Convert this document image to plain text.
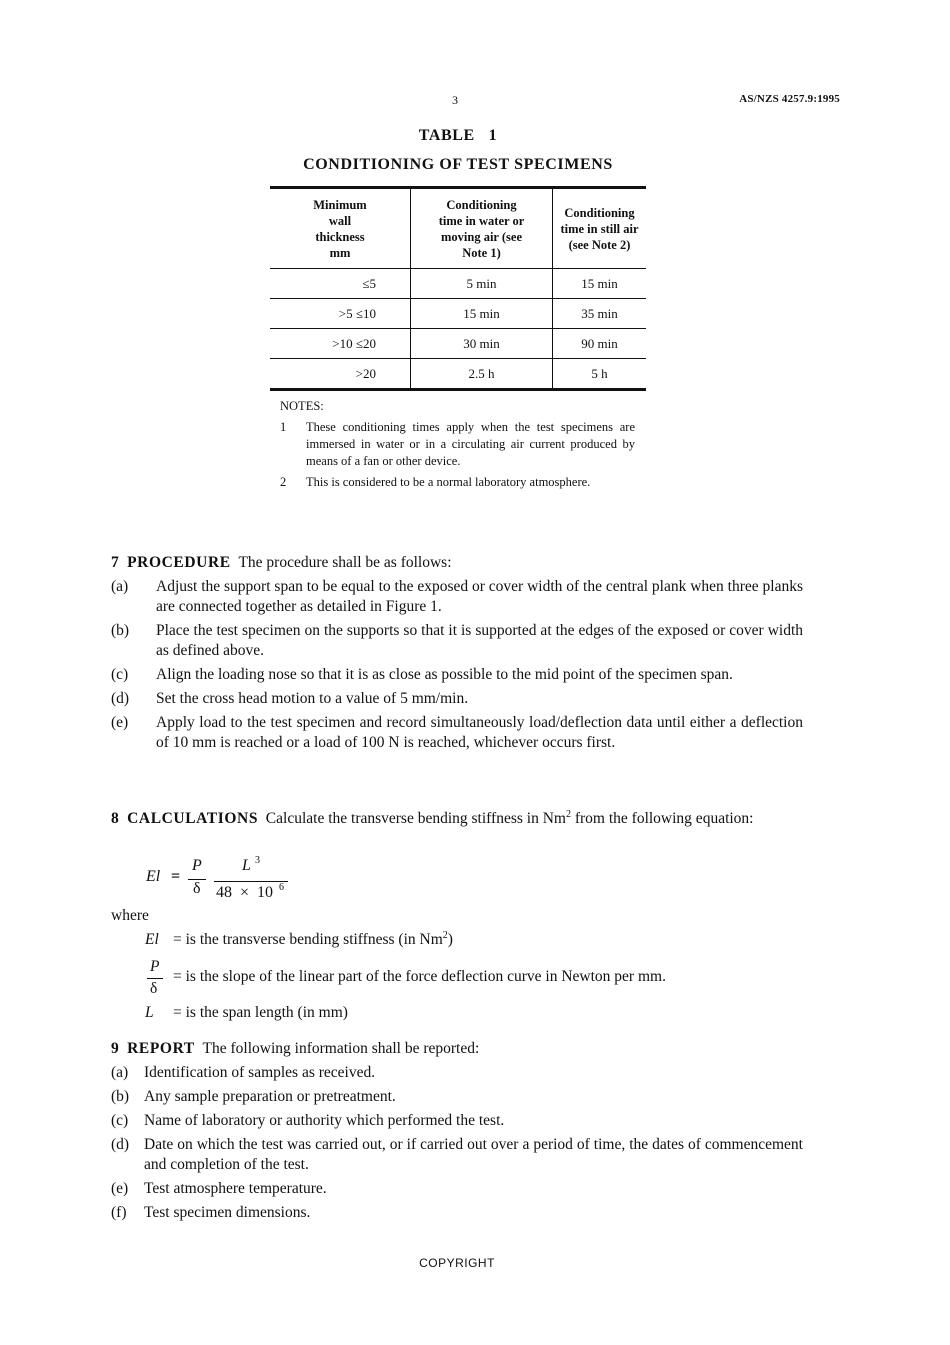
3	AS/NZS 4257.9:1995
TABLE   1
CONDITIONING OF TEST SPECIMENS
Minimum
wall
thickness
mm	Conditioning
time in water or
moving air (see
Note 1)	Conditioning
time in still air
(see Note 2)
≤5	5 min	15 min
>5 ≤10	15 min	35 min
>10 ≤20	30 min	90 min
>20	2.5 h	5 h
NOTES:
1	These conditioning times apply when the test specimens are immersed in water or in a circulating air current produced by means of a fan or other device.
2	This is considered to be a normal laboratory atmosphere.
7 PROCEDURE The procedure shall be as follows:
(a)	Adjust the support span to be equal to the exposed or cover width of the central plank when three planks are connected together as detailed in Figure 1.
(b)	Place the test specimen on the supports so that it is supported at the edges of the exposed or cover width as defined above.
(c)	Align the loading nose so that it is as close as possible to the mid point of the specimen span.
(d)	Set the cross head motion to a value of 5 mm/min.
(e)	Apply load to the test specimen and record simultaneously load/deflection data until either a deflection of 10 mm is reached or a load of 100 N is reached, whichever occurs first.
8 CALCULATIONS Calculate the transverse bending stiffness in Nm$^2$ from the following equation:
El =
P
δ
L 3
48  ×  10 6
where
El = is the transverse bending stiffness (in Nm$^2$)
P
δ
= is the slope of the linear part of the force deflection curve in Newton per mm.
L = is the span length (in mm)
9 REPORT The following information shall be reported:
(a)	Identification of samples as received.
(b) Any sample preparation or pretreatment.
(c)	Name of laboratory or authority which performed the test.
(d) Date on which the test was carried out, or if carried out over a period of time, the dates of commencement and completion of the test.
(e)	Test atmosphere temperature.
(f)	Test specimen dimensions.
COPYRIGHT
